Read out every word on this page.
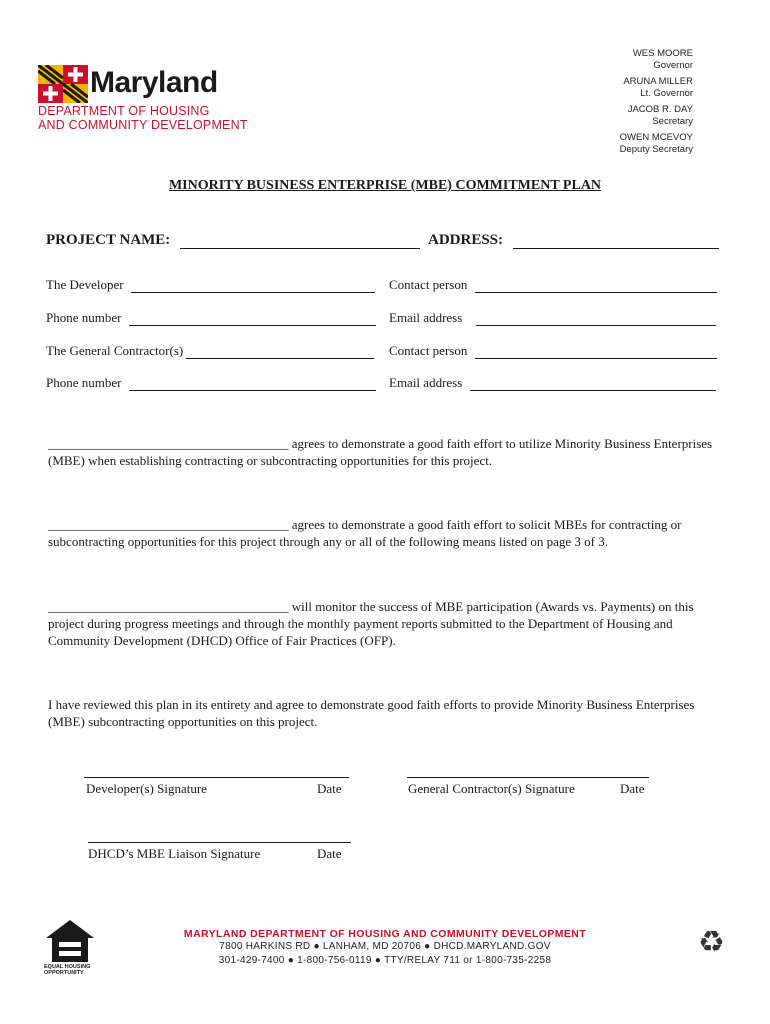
Maryland
DEPARTMENT OF HOUSING
AND COMMUNITY DEVELOPMENT
WES MOORE
Governor
ARUNA MILLER
Lt. Governor
JACOB R. DAY
Secretary
OWEN MCEVOY
Deputy Secretary
MINORITY BUSINESS ENTERPRISE (MBE) COMMITMENT PLAN
PROJECT NAME:	ADDRESS:
The Developer	Contact person
Phone number	Email address
The General Contractor(s)	Contact person
Phone number	Email address
_____________________________________ agrees to demonstrate a good faith effort to utilize Minority Business Enterprises (MBE) when establishing contracting or subcontracting opportunities for this project.
_____________________________________ agrees to demonstrate a good faith effort to solicit MBEs for contracting or subcontracting opportunities for this project through any or all of the following means listed on page 3 of 3.
_____________________________________ will monitor the success of MBE participation (Awards vs. Payments) on this project during progress meetings and through the monthly payment reports submitted to the Department of Housing and Community Development (DHCD) Office of Fair Practices (OFP).
I have reviewed this plan in its entirety and agree to demonstrate good faith efforts to provide Minority Business Enterprises (MBE) subcontracting opportunities on this project.
Developer(s) Signature	Date	General Contractor(s) Signature	Date
DHCD’s MBE Liaison Signature	Date
EQUAL HOUSING OPPORTUNITY
MARYLAND DEPARTMENT OF HOUSING AND COMMUNITY DEVELOPMENT
7800 HARKINS RD ● LANHAM, MD 20706 ● DHCD.MARYLAND.GOV
301-429-7400 ● 1-800-756-0119 ● TTY/RELAY 711 or 1-800-735-2258
♻
